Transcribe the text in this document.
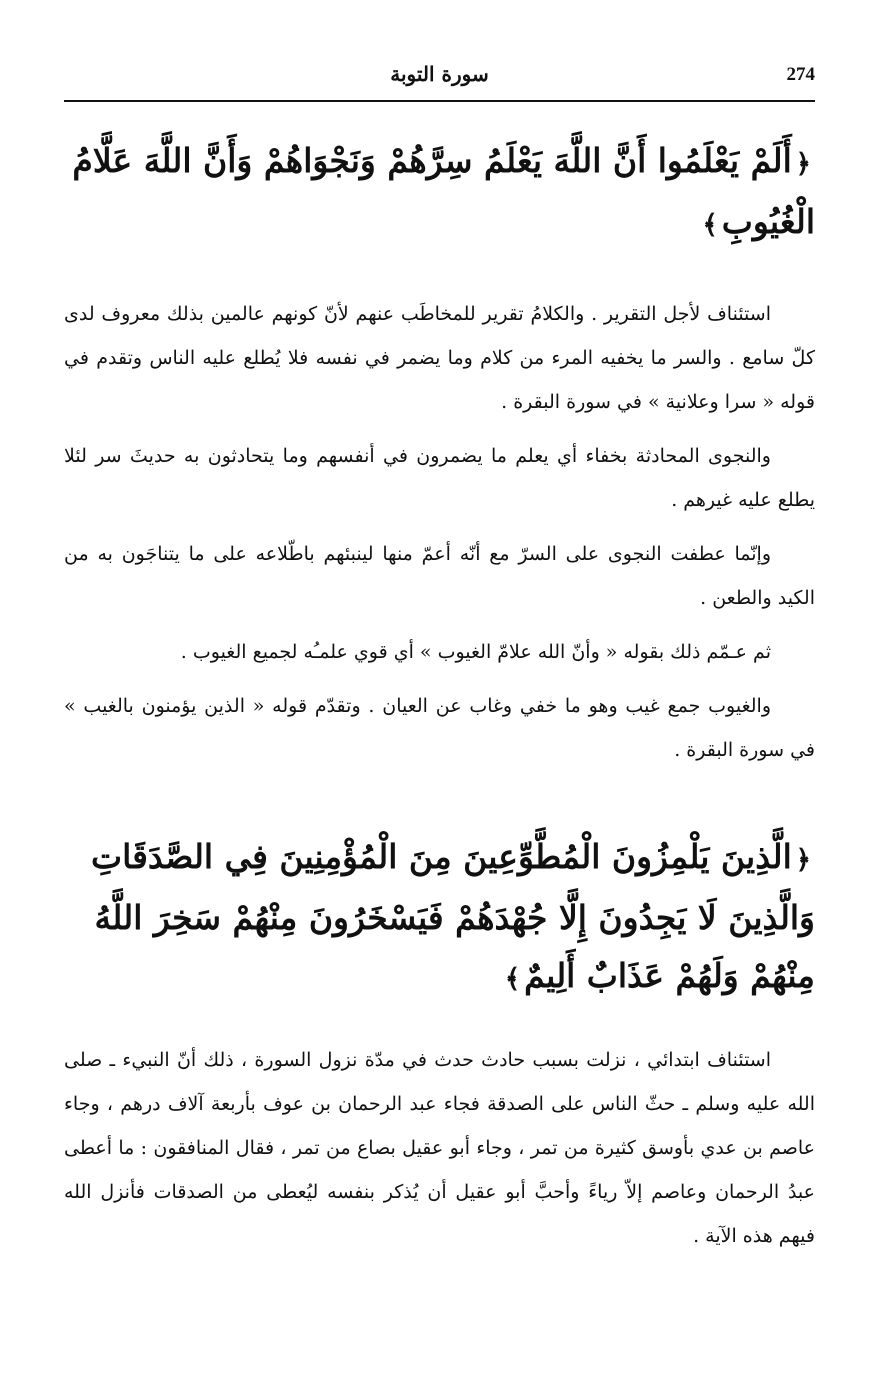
274
سورة التوبة

﴿أَلَمْ يَعْلَمُوا أَنَّ اللَّهَ يَعْلَمُ سِرَّهُمْ وَنَجْوَاهُمْ وَأَنَّ اللَّهَ عَلَّامُ الْغُيُوبِ﴾

استئناف لأجل التقرير . والكلامُ تقرير للمخاطَب عنهم لأنّ كونهم عالمين بذلك معروف لدى كلّ سامع . والسر ما يخفيه المرء من كلام وما يضمر في نفسه فلا يُطلع عليه الناس وتقدم في قوله « سرا وعلانية » في سورة البقرة .

والنجوى المحادثة بخفاء أي يعلم ما يضمرون في أنفسهم وما يتحادثون به حديثَ سر لئلا يطلع عليه غيرهم .

وإنّما عطفت النجوى على السرّ مع أنّه أعمّ منها لينبئهم باطّلاعه على ما يتناجَون به من الكيد والطعن .

ثم عـمّم ذلك بقوله « وأنّ الله علامّ الغيوب » أي قوي علمـُه لجميع الغيوب .

والغيوب جمع غيب وهو ما خفي وغاب عن العيان . وتقدّم قوله « الذين يؤمنون بالغيب » في سورة البقرة .

﴿الَّذِينَ يَلْمِزُونَ الْمُطَّوِّعِينَ مِنَ الْمُؤْمِنِينَ فِي الصَّدَقَاتِ وَالَّذِينَ لَا يَجِدُونَ إِلَّا جُهْدَهُمْ فَيَسْخَرُونَ مِنْهُمْ سَخِرَ اللَّهُ مِنْهُمْ وَلَهُمْ عَذَابٌ أَلِيمٌ﴾

استئناف ابتدائي ، نزلت بسبب حادث حدث في مدّة نزول السورة ، ذلك أنّ النبيء ـ صلى الله عليه وسلم ـ حثّ الناس على الصدقة فجاء عبد الرحمان بن عوف بأربعة آلاف درهم ، وجاء عاصم بن عدي بأوسق كثيرة من تمر ، وجاء أبو عقيل بصاع من تمر ، فقال المنافقون : ما أعطى عبدُ الرحمان وعاصم إلاّ رياءً وأحبَّ أبو عقيل أن يُذكر بنفسه ليُعطى من الصدقات فأنزل الله فيهم هذه الآية .
